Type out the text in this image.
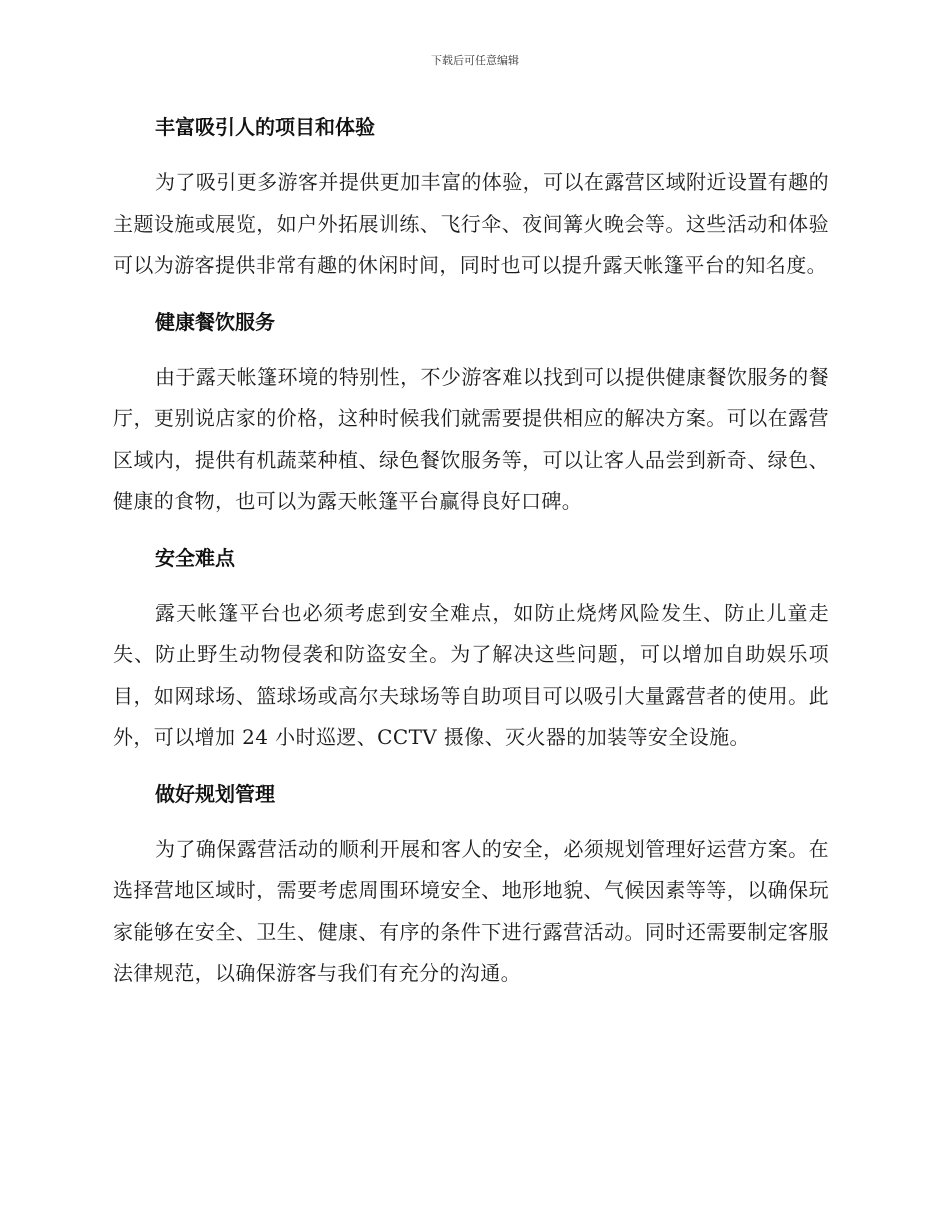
下载后可任意编辑
丰富吸引人的项目和体验

为了吸引更多游客并提供更加丰富的体验，可以在露营区域附近设置有趣的主题设施或展览，如户外拓展训练、飞行伞、夜间篝火晚会等。这些活动和体验可以为游客提供非常有趣的休闲时间，同时也可以提升露天帐篷平台的知名度。

健康餐饮服务

由于露天帐篷环境的特别性，不少游客难以找到可以提供健康餐饮服务的餐厅，更别说店家的价格，这种时候我们就需要提供相应的解决方案。可以在露营区域内，提供有机蔬菜种植、绿色餐饮服务等，可以让客人品尝到新奇、绿色、健康的食物，也可以为露天帐篷平台赢得良好口碑。

安全难点

露天帐篷平台也必须考虑到安全难点，如防止烧烤风险发生、防止儿童走失、防止野生动物侵袭和防盗安全。为了解决这些问题，可以增加自助娱乐项目，如网球场、篮球场或高尔夫球场等自助项目可以吸引大量露营者的使用。此外，可以增加 24 小时巡逻、CCTV 摄像、灭火器的加装等安全设施。

做好规划管理

为了确保露营活动的顺利开展和客人的安全，必须规划管理好运营方案。在选择营地区域时，需要考虑周围环境安全、地形地貌、气候因素等等，以确保玩家能够在安全、卫生、健康、有序的条件下进行露营活动。同时还需要制定客服法律规范，以确保游客与我们有充分的沟通。
